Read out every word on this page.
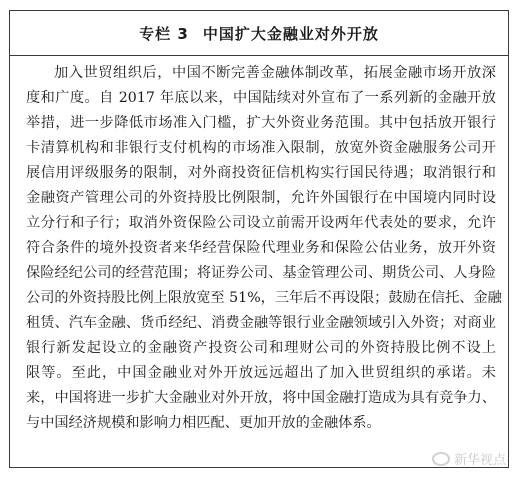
专栏 3 中国扩大金融业对外开放
加入世贸组织后，中国不断完善金融体制改革，拓展金融市场开放深
度和广度。自 2017 年底以来，中国陆续对外宣布了一系列新的金融开放
举措，进一步降低市场准入门槛，扩大外资业务范围。其中包括放开银行
卡清算机构和非银行支付机构的市场准入限制，放宽外资金融服务公司开
展信用评级服务的限制，对外商投资征信机构实行国民待遇；取消银行和
金融资产管理公司的外资持股比例限制，允许外国银行在中国境内同时设
立分行和子行；取消外资保险公司设立前需开设两年代表处的要求，允许
符合条件的境外投资者来华经营保险代理业务和保险公估业务，放开外资
保险经纪公司的经营范围；将证券公司、基金管理公司、期货公司、人身险
公司的外资持股比例上限放宽至 51%，三年后不再设限；鼓励在信托、金融
租赁、汽车金融、货币经纪、消费金融等银行业金融领域引入外资；对商业
银行新发起设立的金融资产投资公司和理财公司的外资持股比例不设上
限等。至此，中国金融业对外开放远远超出了加入世贸组织的承诺。未
来，中国将进一步扩大金融业对外开放，将中国金融打造成为具有竞争力、
与中国经济规模和影响力相匹配、更加开放的金融体系。
新华视点
